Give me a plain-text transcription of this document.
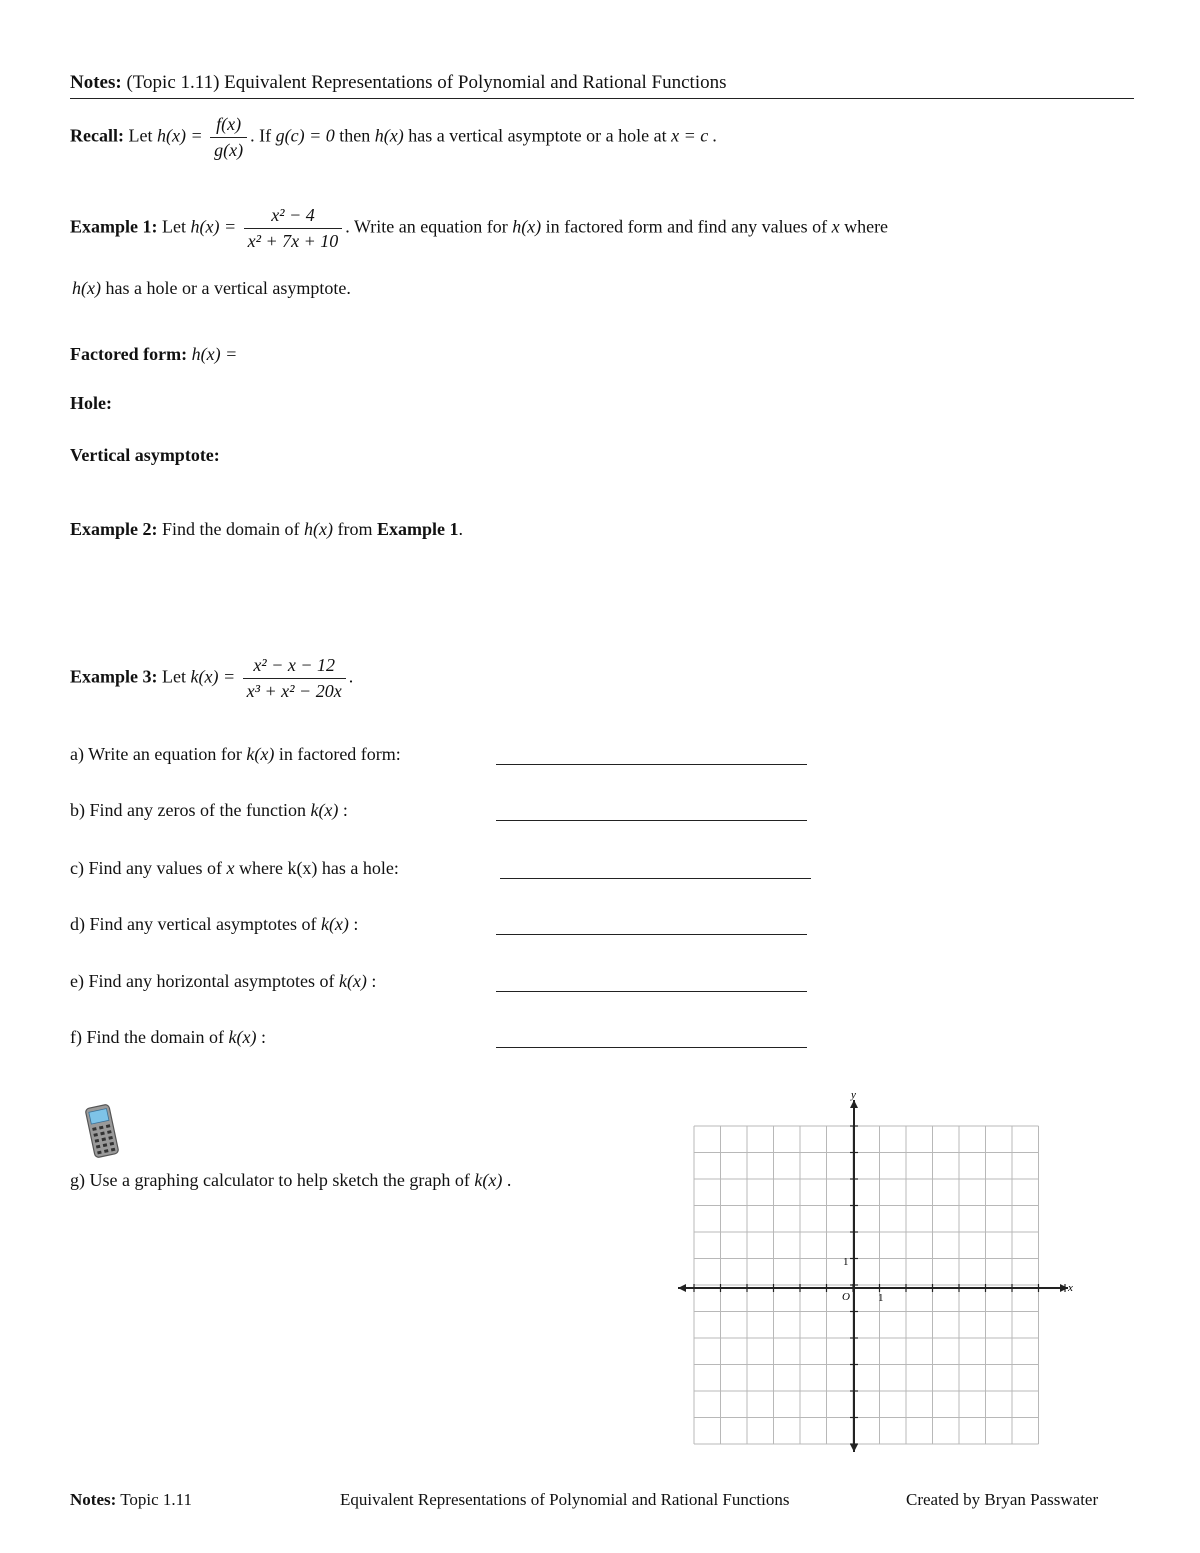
Notes: (Topic 1.11) Equivalent Representations of Polynomial and Rational Functions
Recall: Let $h(x) = \frac{f(x)}{g(x)}$ . If g(c) = 0 then h(x) has a vertical asymptote or a hole at x = c .
Example 1: Let $h(x) = \frac{\text{x² − 4}}{\text{x² + 7x + 10}}$ . Write an equation for h(x) in factored form and find any values of x where
h(x) has a hole or a vertical asymptote.
Factored form: h(x) =
Hole:
Vertical asymptote:
Example 2: Find the domain of h(x) from Example 1.
Example 3: Let $k(x) = \frac{\text{x² − x − 12}}{\text{x³ + x² − 20x}}$ .
a) Write an equation for k(x) in factored form:
b) Find any zeros of the function k(x) :
c) Find any values of x where k(x) has a hole:
d) Find any vertical asymptotes of k(x) :
e) Find any horizontal asymptotes of k(x) :
f) Find the domain of k(x) :
g) Use a graphing calculator to help sketch the graph of k(x) .
x
y
O	1
1
Notes: Topic 1.11	Equivalent Representations of Polynomial and Rational Functions	Created by Bryan Passwater
